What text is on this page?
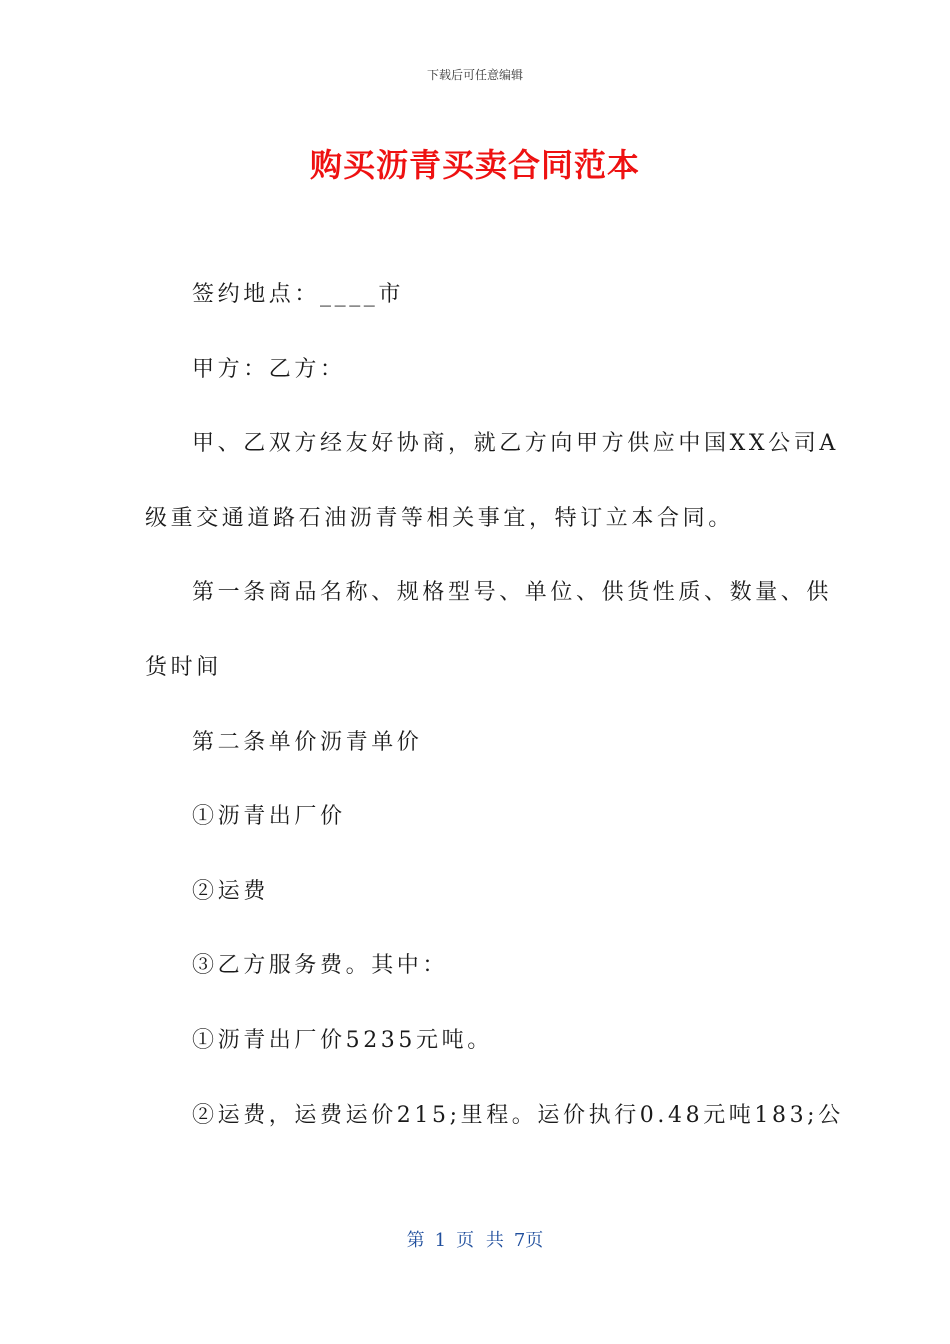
下载后可任意编辑
购买沥青买卖合同范本
签约地点：____市
甲方：乙方：
甲、乙双方经友好协商，就乙方向甲方供应中国XX公司A
级重交通道路石油沥青等相关事宜，特订立本合同。
第一条商品名称、规格型号、单位、供货性质、数量、供
货时间
第二条单价沥青单价
①沥青出厂价
②运费
③乙方服务费。其中：
①沥青出厂价5235元吨。
②运费，运费运价215;里程。运价执行0.48元吨183;公
第 1 页 共 7页
